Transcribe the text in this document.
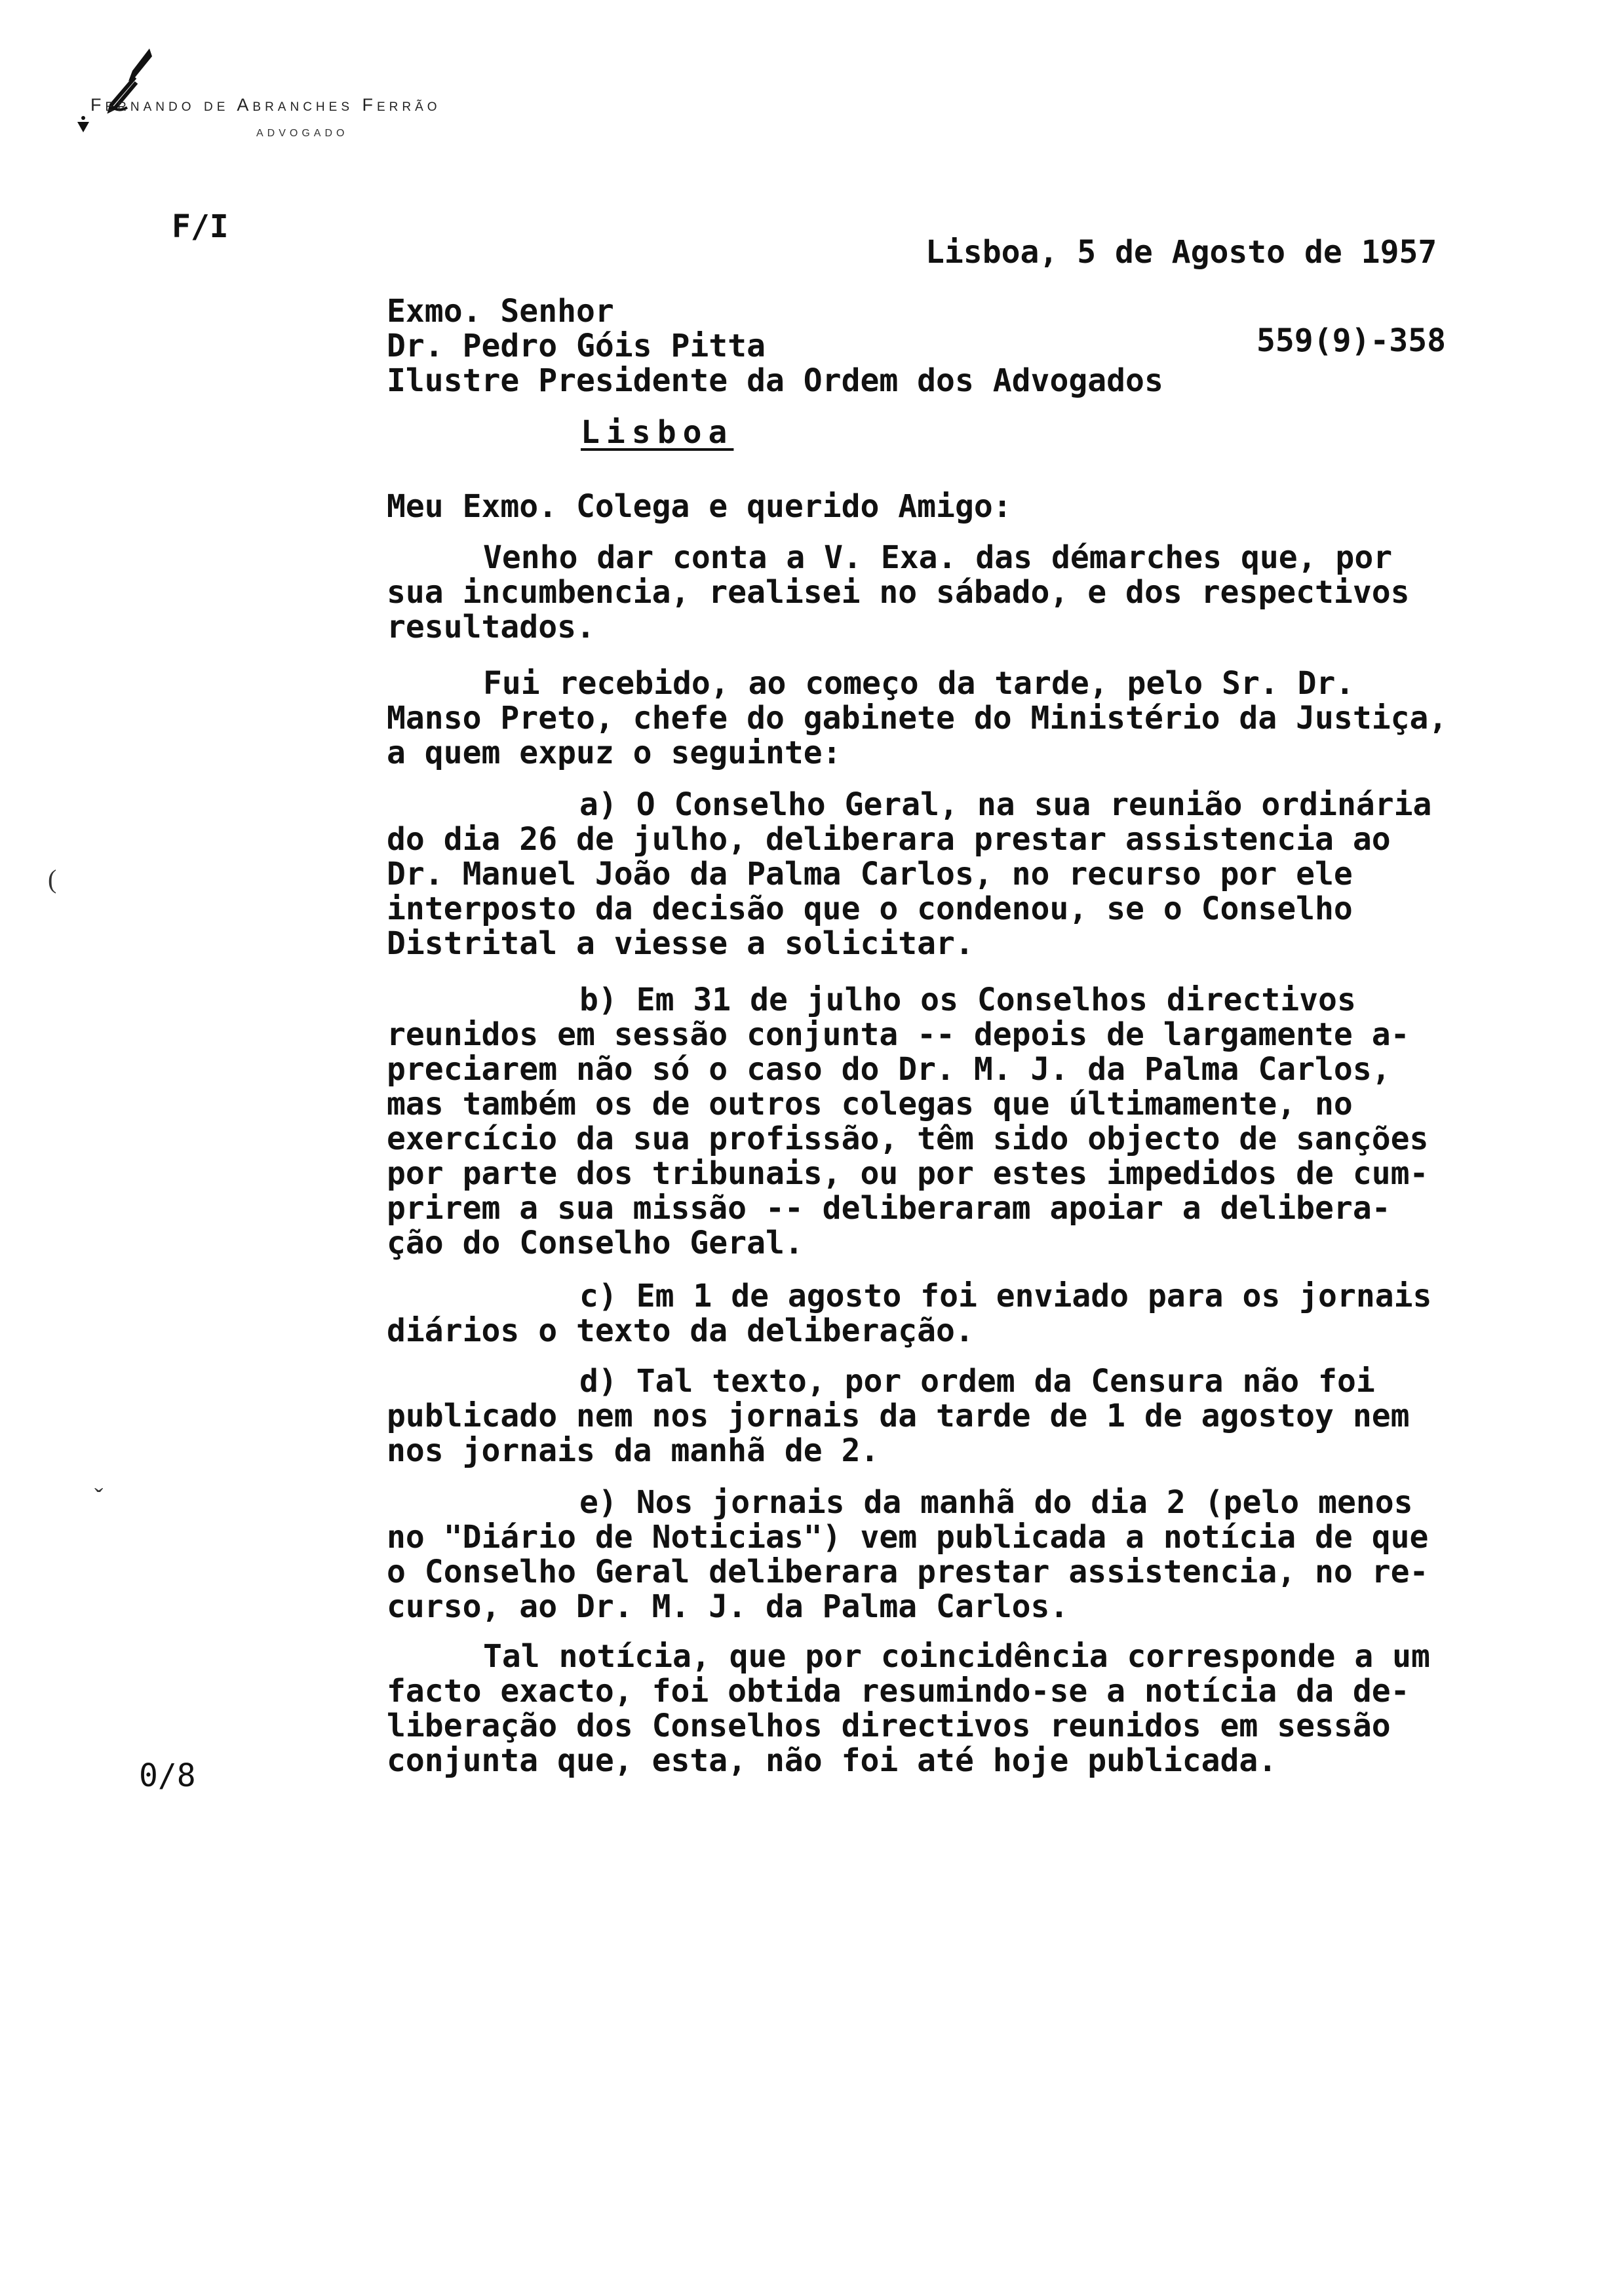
Fernando de Abranches Ferrão
ADVOGADO
F/I
Lisboa, 5 de Agosto de 1957
Exmo. Senhor
Dr. Pedro Góis Pitta	559(9)-358
Ilustre Presidente da Ordem dos Advogados
Lisboa
Meu Exmo. Colega e querido Amigo:
Venho dar conta a V. Exa. das démarches que, por
sua incumbencia, realisei no sábado, e dos respectivos
resultados.
Fui recebido, ao começo da tarde, pelo Sr. Dr.
Manso Preto, chefe do gabinete do Ministério da Justiça,
a quem expuz o seguinte:
a) O Conselho Geral, na sua reunião ordinária
do dia 26 de julho, deliberara prestar assistencia ao
Dr. Manuel João da Palma Carlos, no recurso por ele
interposto da decisão que o condenou, se o Conselho
Distrital a viesse a solicitar.
b) Em 31 de julho os Conselhos directivos
reunidos em sessão conjunta -- depois de largamente a-
preciarem não só o caso do Dr. M. J. da Palma Carlos,
mas também os de outros colegas que últimamente, no
exercício da sua profissão, têm sido objecto de sanções
por parte dos tribunais, ou por estes impedidos de cum-
prirem a sua missão -- deliberaram apoiar a delibera-
ção do Conselho Geral.
c) Em 1 de agosto foi enviado para os jornais
diários o texto da deliberação.
d) Tal texto, por ordem da Censura não foi
publicado nem nos jornais da tarde de 1 de agostoy nem
nos jornais da manhã de 2.
e) Nos jornais da manhã do dia 2 (pelo menos
no "Diário de Noticias") vem publicada a notícia de que
o Conselho Geral deliberara prestar assistencia, no re-
curso, ao Dr. M. J. da Palma Carlos.
Tal notícia, que por coincidência corresponde a um
facto exacto, foi obtida resumindo-se a notícia da de-
liberação dos Conselhos directivos reunidos em sessão
conjunta que, esta, não foi até hoje publicada.
0/8
(
ˇ
